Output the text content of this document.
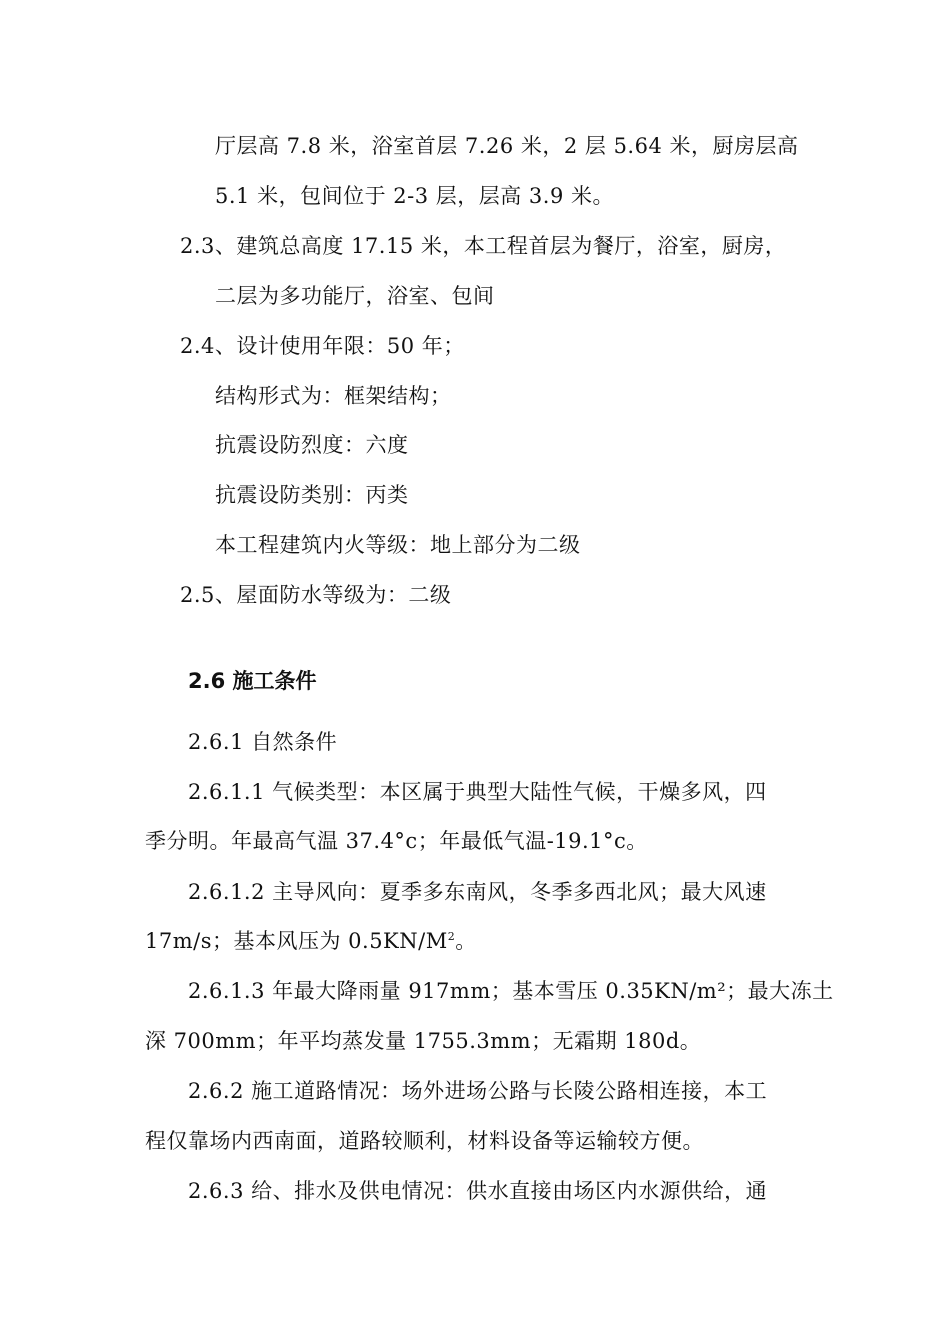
厅层高 7.8 米，浴室首层 7.26 米，2 层 5.64 米，厨房层高
5.1 米，包间位于 2-3 层，层高 3.9 米。
2.3、建筑总高度 17.15 米，本工程首层为餐厅，浴室，厨房，
二层为多功能厅，浴室、包间
2.4、设计使用年限：50 年；
结构形式为：框架结构；
抗震设防烈度：六度
抗震设防类别：丙类
本工程建筑内火等级：地上部分为二级
2.5、屋面防水等级为：二级
2.6 施工条件
2.6.1 自然条件
2.6.1.1 气候类型：本区属于典型大陆性气候，干燥多风，四
季分明。年最高气温 37.4°c；年最低气温-19.1°c。
2.6.1.2 主导风向：夏季多东南风，冬季多西北风；最大风速
17m/s；基本风压为 $0.5KN/M^2$。
2.6.1.3 年最大降雨量 917mm；基本雪压 0.35KN/m²；最大冻土
深 700mm；年平均蒸发量 1755.3mm；无霜期 180d。
2.6.2 施工道路情况：场外进场公路与长陵公路相连接，本工
程仅靠场内西南面，道路较顺利，材料设备等运输较方便。
2.6.3 给、排水及供电情况：供水直接由场区内水源供给，通
